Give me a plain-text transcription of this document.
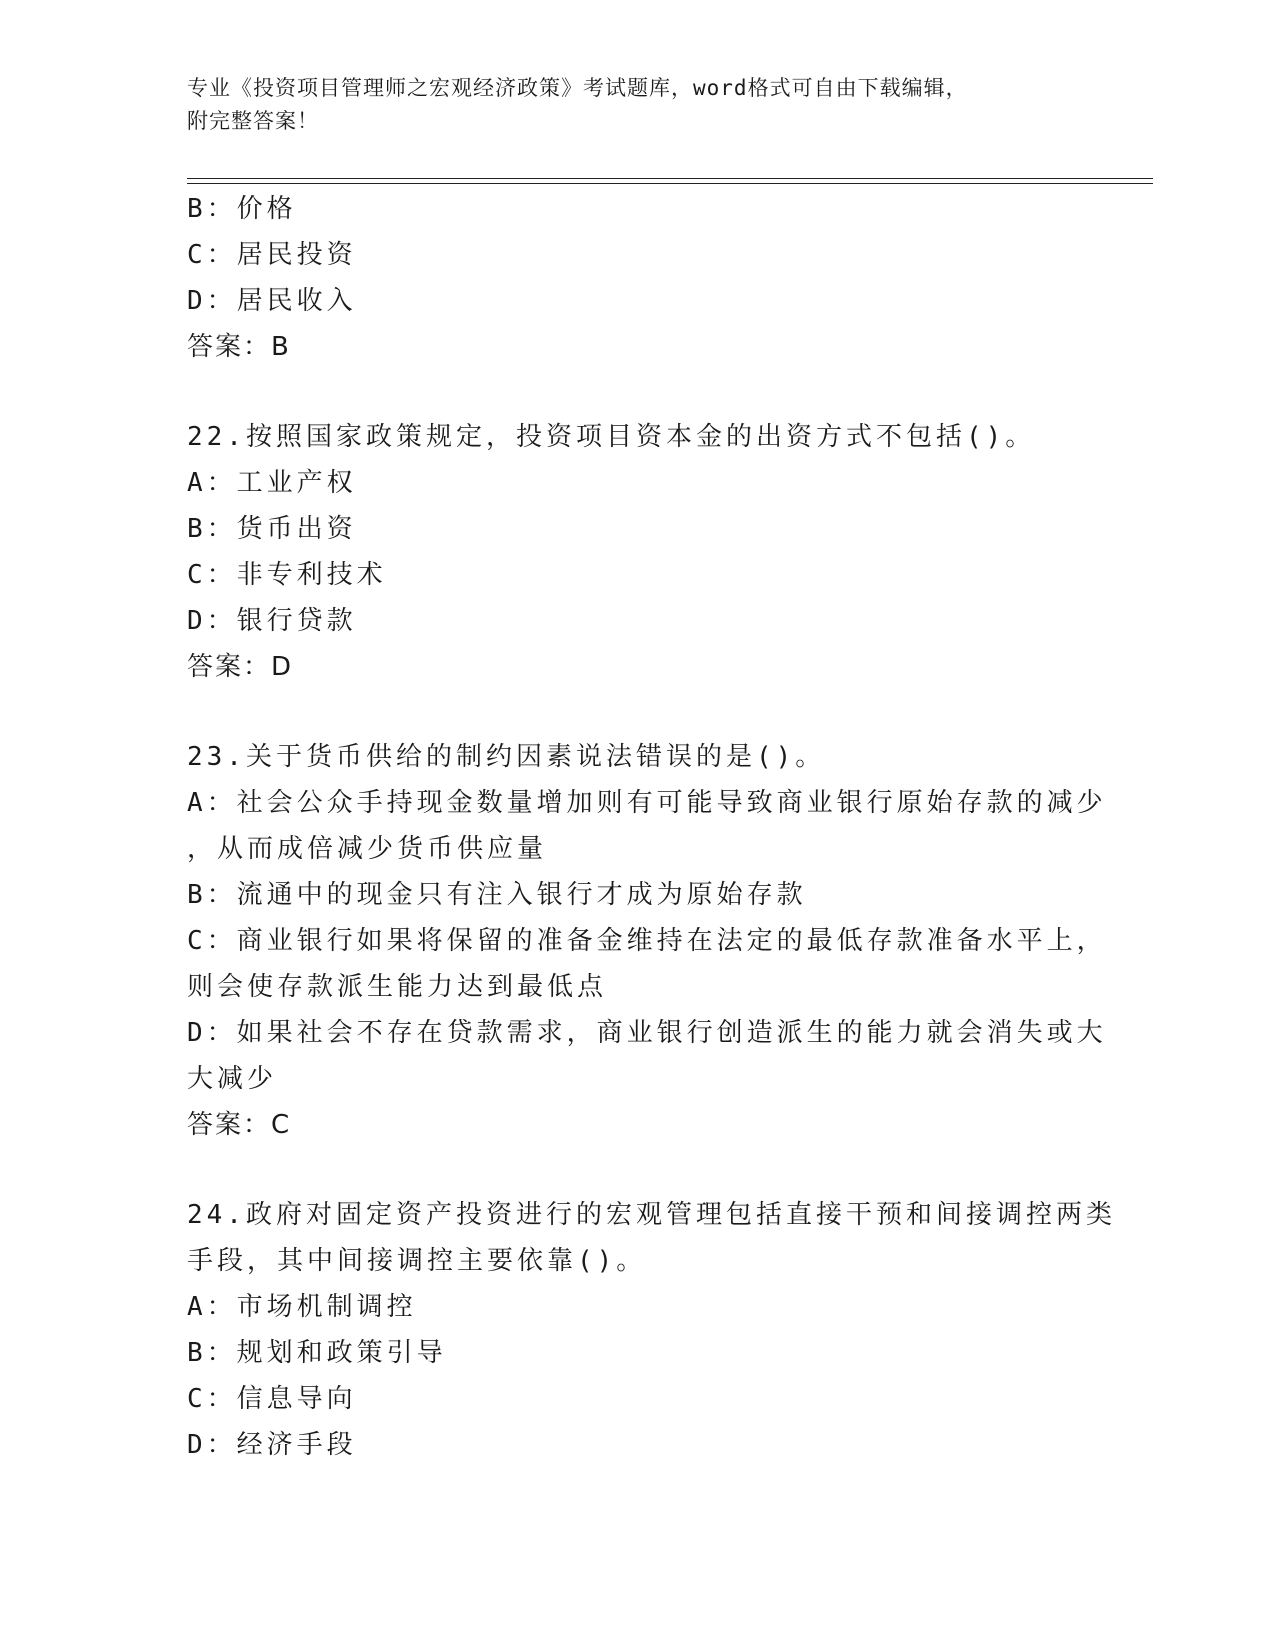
专业《投资项目管理师之宏观经济政策》考试题库，word格式可自由下载编辑，
附完整答案！
B：价格
C：居民投资
D：居民收入
答案：B
22.按照国家政策规定，投资项目资本金的出资方式不包括()。
A：工业产权
B：货币出资
C：非专利技术
D：银行贷款
答案：D
23.关于货币供给的制约因素说法错误的是()。
A：社会公众手持现金数量增加则有可能导致商业银行原始存款的减少
，从而成倍减少货币供应量
B：流通中的现金只有注入银行才成为原始存款
C：商业银行如果将保留的准备金维持在法定的最低存款准备水平上，
则会使存款派生能力达到最低点
D：如果社会不存在贷款需求，商业银行创造派生的能力就会消失或大
大减少
答案：C
24.政府对固定资产投资进行的宏观管理包括直接干预和间接调控两类
手段，其中间接调控主要依靠()。
A：市场机制调控
B：规划和政策引导
C：信息导向
D：经济手段
